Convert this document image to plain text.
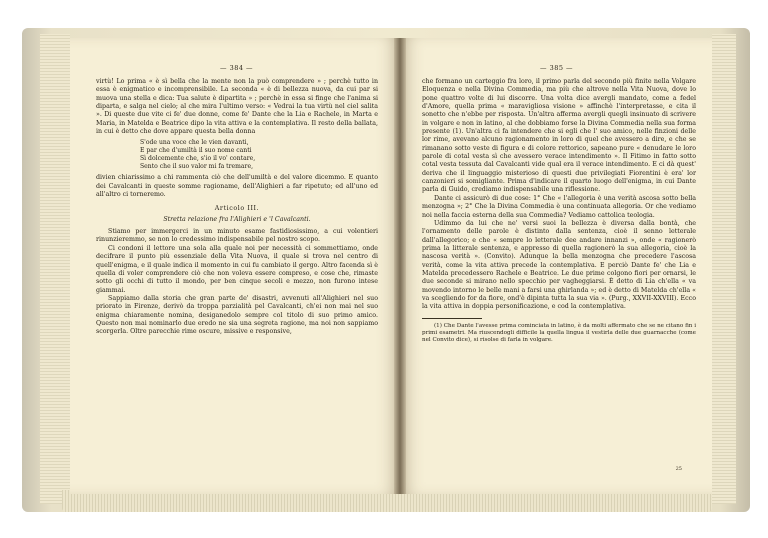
— 384 —

virtù! Lo prima « è sì bella che la mente non la può comprendere » ; perchè tutto in essa è enigmatico e incomprensibile. La seconda « è di bellezza nuova, da cui par si muova una stella e dica: Tua salute è dipartita » ; perchè in essa si finge che l'anima si diparta, e salga nel cielo; al che mira l'ultimo verso: « Vedrai la tua virtù nel ciel salita ». Di queste due vite ci fe' due donne, come fe' Dante che la Lia e Rachele, in Marta e Maria, in Matelda e Beatrice dipo la vita attiva e la contemplativa. Il resto della ballata, in cui è detto che dove appare questa bella donna

S'ode una voce che le vien davanti,
E par che d'umiltà il suo nome canti
Sì dolcemente che, s'io il vo' contare,
Sento che il suo valor mi fa tremare,

divien chiarissimo a chi rammenta ciò che dell'umiltà e del valore dicemmo. E quanto dei Cavalcanti in queste somme ragioname, dell'Alighieri a far ripetuto; ed all'uno ed all'altro ci torneremo.

Articolo III.
Stretta relazione fra l'Alighieri e 'l Cavalcanti.

Stiamo per immergerci in un minuto esame fastidiosissimo, a cui volentieri rinunzieremmo, se non lo credessimo indispensabile pel nostro scopo.

Ci condoni il lettore una sola alla quale noi per necessità ci sommettiamo, onde decifrare il punto più essenziale della Vita Nuova, il quale si trova nel centro di quell'enigma, e il quale indica il momento in cui fu cambiato il gergo. Altro facenda sì è quella di voler comprendere ciò che non voleva essere compreso, e cose che, rimaste sotto gli occhi di tutto il mondo, per ben cinque secoli e mezzo, non furono intese giammai.

Sappiamo dalla storia che gran parte de' disastri, avvenuti all'Alighieri nel suo priorato in Firenze, derivò da troppa parzialità pel Cavalcanti, ch'ei non mai nel suo enigma chiaramente nomina, desiganedolo sempre col titolo di suo primo amico. Questo non mai nominarlo due eredo ne sia una segreta ragione, ma noi non sappiamo scorgerla. Oltre parecchie rime oscure, missive e responsive,

— 385 —

che formano un carteggio fra loro, il primo parla del secondo più finite nella Volgare Eloquenza e nella Divina Commedia, ma più che altrove nella Vita Nuova, dove lo pone quattro volte di lui discorre. Una volta dice avergli mandato, come a fedel d'Amore, quella prima « maravigliosa visione » affinchè l'interpretasse, e cita il sonetto che n'ebbe per risposta. Un'altra afferma avergli quegli insinuato di scrivere in volgare e non in latino, al che dobbiamo forse la Divina Commedia nella sua forma presente (1). Un'altra ci fa intendere che si egli che l' suo amico, nelle finzioni delle lor rime, avevano alcuno ragionamento in loro di quel che avessero a dire, e che se rimanano sotto veste di figura e di colore rettorico, sapeano pure « denudare le loro parole di cotal vesta sì che avessero verace intendimento ». Il Fitimo in fatto sotto cotal vesta tessuta dal Cavalcanti vide qual era il verace intendimento. E ci dà quest' deriva che il linguaggio misterioso di questi due privilegiati Fiorentini è era' lor canzonieri si somigliante. Prima d'indicare il quarto luogo dell'enigma, in cui Dante parla di Guido, crediamo indispensabile una riflessione.

Dante ci assicurò di due cose: 1° Che « l'allegoria è una verità ascosa sotto bella menzogna »; 2° Che la Divina Commedia è una continuata allegoria. Or che vediamo noi nella faccia esterna della sua Commedia? Vediamo cattolica teologia.

Udimmo da lui che ne' versi suoi la bellezza è diversa dalla bontà, che l'ornamento delle parole è distinto dalla sentenza, cioè il senno letterale dall'allegorico; e che « sempre lo letterale dee andare innanzi », onde « ragionerò prima la litterale sentenza, e appresso di quella ragionerò la sua allegoria, cioè la nascosa verità ». (Convito). Adunque la bella menzogna che precedere l'ascosa verità, come la vita attiva precede la contemplativa. E perciò Dante fe' che Lia e Matelda precedessero Rachele e Beatrice. Le due prime colgono fiori per ornarsi, le due seconde si mirano nello specchio per vagheggiarsi. È detto di Lia ch'ella « va movendo intorno le belle mani a farsi una ghirlanda »; ed è detto di Matelda ch'ella « va scegliendo for da fiore, ond'è dipinta tutta la sua via ». (Purg., XXVII-XXVIII). Ecco la vita attiva in doppia personificazione, e cod la contemplativa.

(1) Che Dante l'avesse prima cominciata in latino, è da molti affermato che se ne citano fin i primi esametri. Ma riuscendogli difficile la quella lingua il vestirla delle due guarnacche (come nel Convito dice), si risolse di farla in volgare.

25
